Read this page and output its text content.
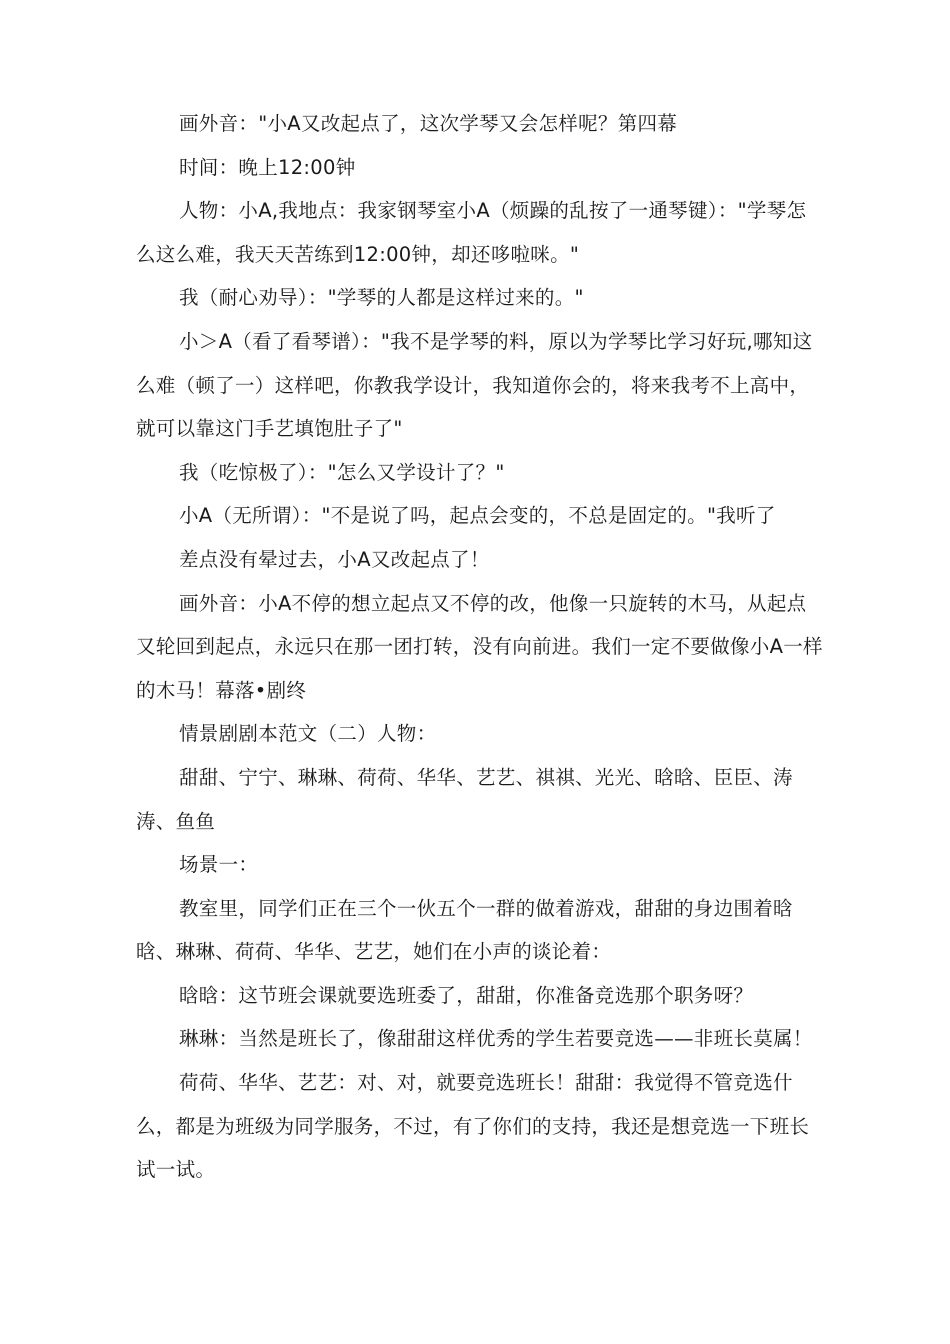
画外音："小A又改起点了，这次学琴又会怎样呢？第四幕

时间：晚上12:00钟

人物：小A,我地点：我家钢琴室小A（烦躁的乱按了一通琴键）："学琴怎么这么难，我天天苦练到12:00钟，却还哆啦咪。"

我（耐心劝导）："学琴的人都是这样过来的。"

小＞A（看了看琴谱）："我不是学琴的料，原以为学琴比学习好玩,哪知这么难（顿了一）这样吧，你教我学设计，我知道你会的，将来我考不上高中，就可以靠这门手艺填饱肚子了"

我（吃惊极了）："怎么又学设计了？"

小A（无所谓）："不是说了吗，起点会变的，不总是固定的。"我听了

差点没有晕过去，小A又改起点了！

画外音：小A不停的想立起点又不停的改，他像一只旋转的木马，从起点又轮回到起点，永远只在那一团打转，没有向前进。我们一定不要做像小A一样的木马！幕落•剧终

情景剧剧本范文（二）人物：

甜甜、宁宁、琳琳、荷荷、华华、艺艺、祺祺、光光、晗晗、臣臣、涛涛、鱼鱼

场景一：

教室里，同学们正在三个一伙五个一群的做着游戏，甜甜的身边围着晗晗、琳琳、荷荷、华华、艺艺，她们在小声的谈论着：

晗晗：这节班会课就要选班委了，甜甜，你准备竞选那个职务呀？

琳琳：当然是班长了，像甜甜这样优秀的学生若要竞选——非班长莫属！

荷荷、华华、艺艺：对、对，就要竞选班长！甜甜：我觉得不管竞选什么，都是为班级为同学服务，不过，有了你们的支持，我还是想竞选一下班长试一试。
